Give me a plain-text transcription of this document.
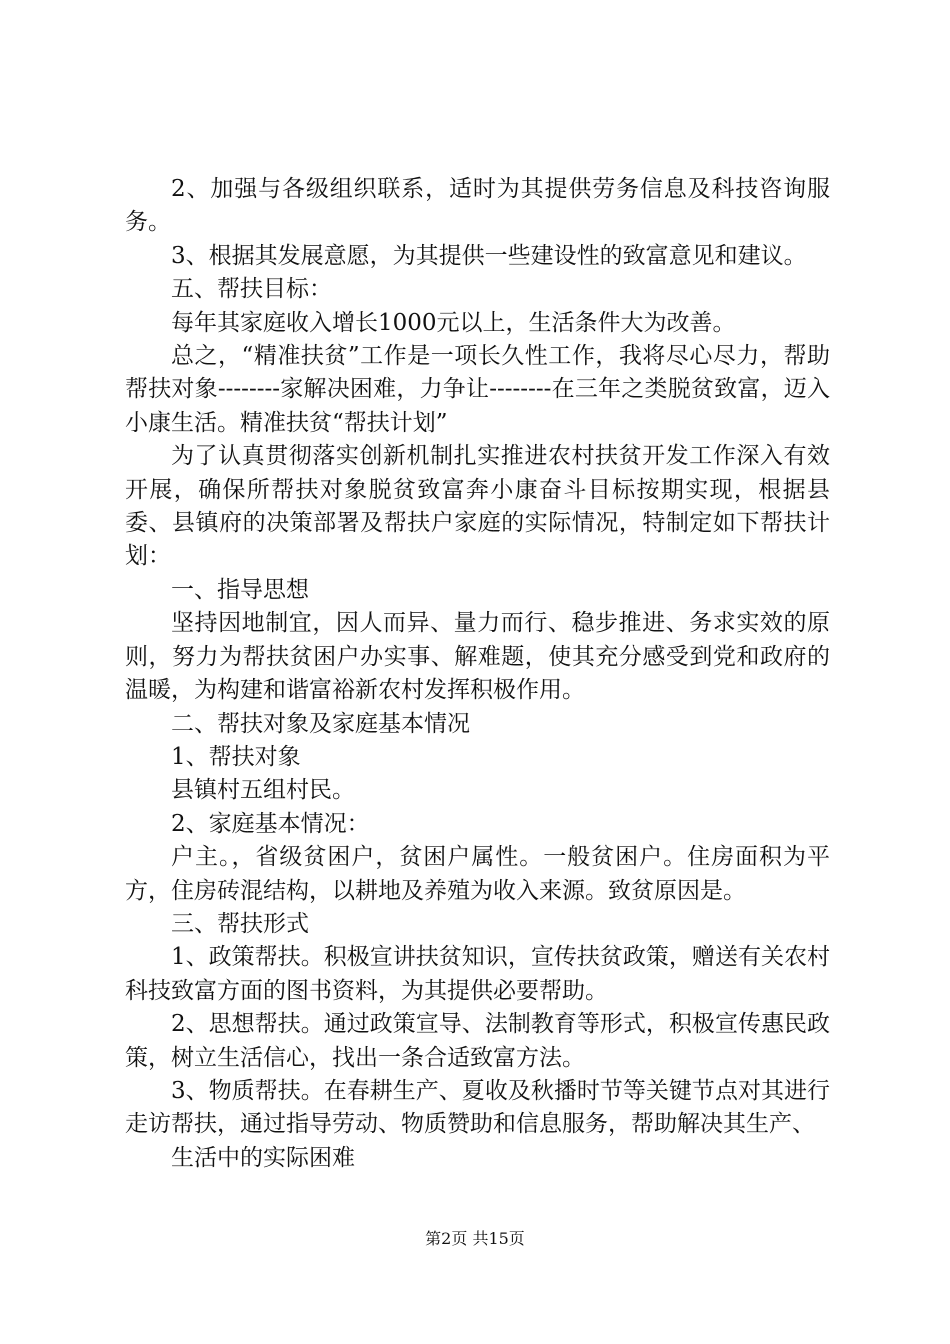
2、加强与各级组织联系，适时为其提供劳务信息及科技咨询服务。

3、根据其发展意愿，为其提供一些建设性的致富意见和建议。

五、帮扶目标：

每年其家庭收入增长1000元以上，生活条件大为改善。

总之，“精准扶贫”工作是一项长久性工作，我将尽心尽力，帮助帮扶对象--------家解决困难，力争让--------在三年之类脱贫致富，迈入小康生活。精准扶贫“帮扶计划”

为了认真贯彻落实创新机制扎实推进农村扶贫开发工作深入有效开展，确保所帮扶对象脱贫致富奔小康奋斗目标按期实现，根据县委、县镇府的决策部署及帮扶户家庭的实际情况，特制定如下帮扶计划：

一、指导思想

坚持因地制宜，因人而异、量力而行、稳步推进、务求实效的原则，努力为帮扶贫困户办实事、解难题，使其充分感受到党和政府的温暖，为构建和谐富裕新农村发挥积极作用。

二、帮扶对象及家庭基本情况

1、帮扶对象

县镇村五组村民。

2、家庭基本情况：

户主。，省级贫困户，贫困户属性。一般贫困户。住房面积为平方，住房砖混结构，以耕地及养殖为收入来源。致贫原因是。

三、帮扶形式

1、政策帮扶。积极宣讲扶贫知识，宣传扶贫政策，赠送有关农村科技致富方面的图书资料，为其提供必要帮助。

2、思想帮扶。通过政策宣导、法制教育等形式，积极宣传惠民政策，树立生活信心，找出一条合适致富方法。

3、物质帮扶。在春耕生产、夏收及秋播时节等关键节点对其进行走访帮扶，通过指导劳动、物质赞助和信息服务，帮助解决其生产、

生活中的实际困难

第2页 共15页
